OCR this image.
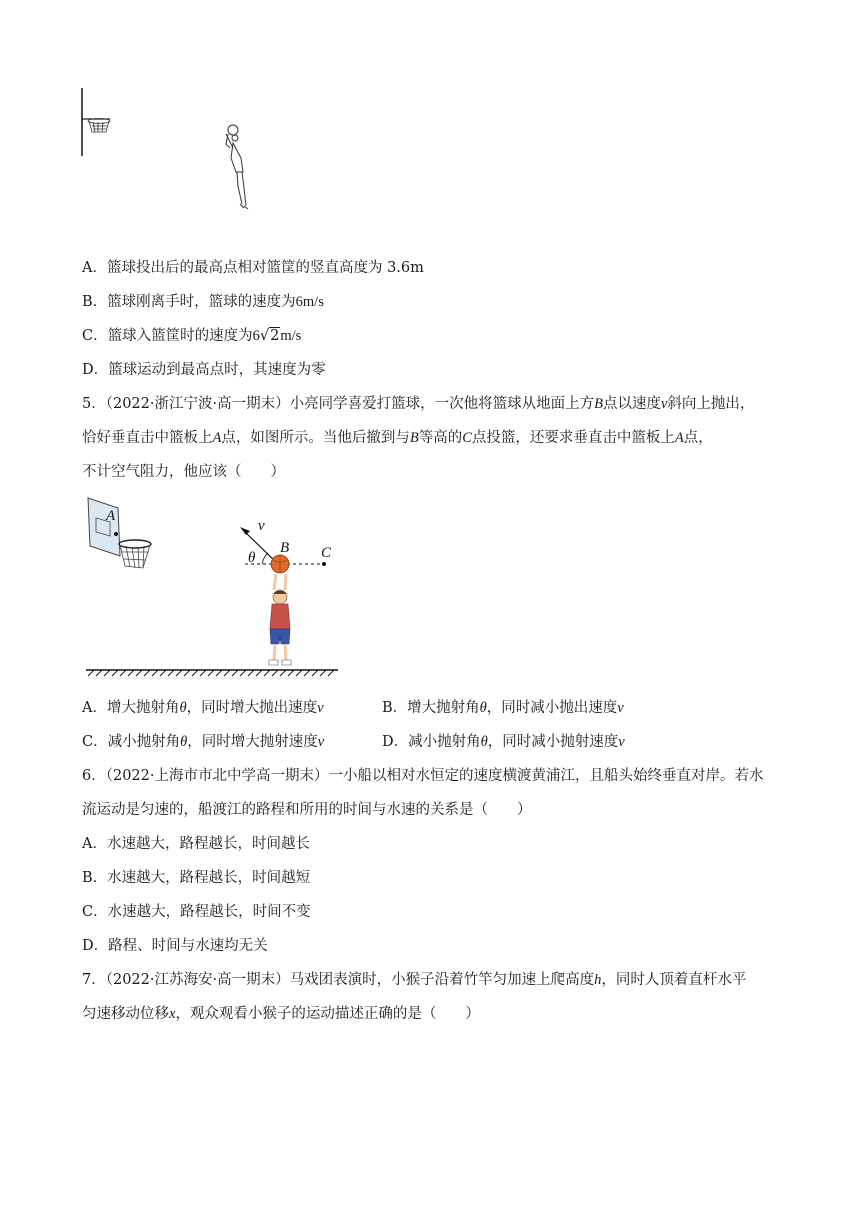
A．篮球投出后的最高点相对篮筐的竖直高度为 3.6m
B．篮球刚离手时，篮球的速度为6m/s
C．篮球入篮筐时的速度为6√2m/s
D．篮球运动到最高点时，其速度为零
5．（2022·浙江宁波·高一期末）小亮同学喜爱打篮球，一次他将篮球从地面上方B点以速度v斜向上抛出，
恰好垂直击中篮板上A点，如图所示。当他后撤到与B等高的C点投篮，还要求垂直击中篮板上A点，
不计空气阻力，他应该（　　）
A
v
θ
B C
A．增大抛射角θ，同时增大抛出速度v	B．增大抛射角θ，同时减小抛出速度v
C．减小抛射角θ，同时增大抛射速度v	D．减小抛射角θ，同时减小抛射速度v
6．（2022·上海市市北中学高一期末）一小船以相对水恒定的速度横渡黄浦江，且船头始终垂直对岸。若水
流运动是匀速的，船渡江的路程和所用的时间与水速的关系是（　　）
A．水速越大，路程越长，时间越长
B．水速越大，路程越长，时间越短
C．水速越大，路程越长，时间不变
D．路程、时间与水速均无关
7．（2022·江苏海安·高一期末）马戏团表演时，小猴子沿着竹竿匀加速上爬高度h，同时人顶着直杆水平
匀速移动位移x，观众观看小猴子的运动描述正确的是（　　）
